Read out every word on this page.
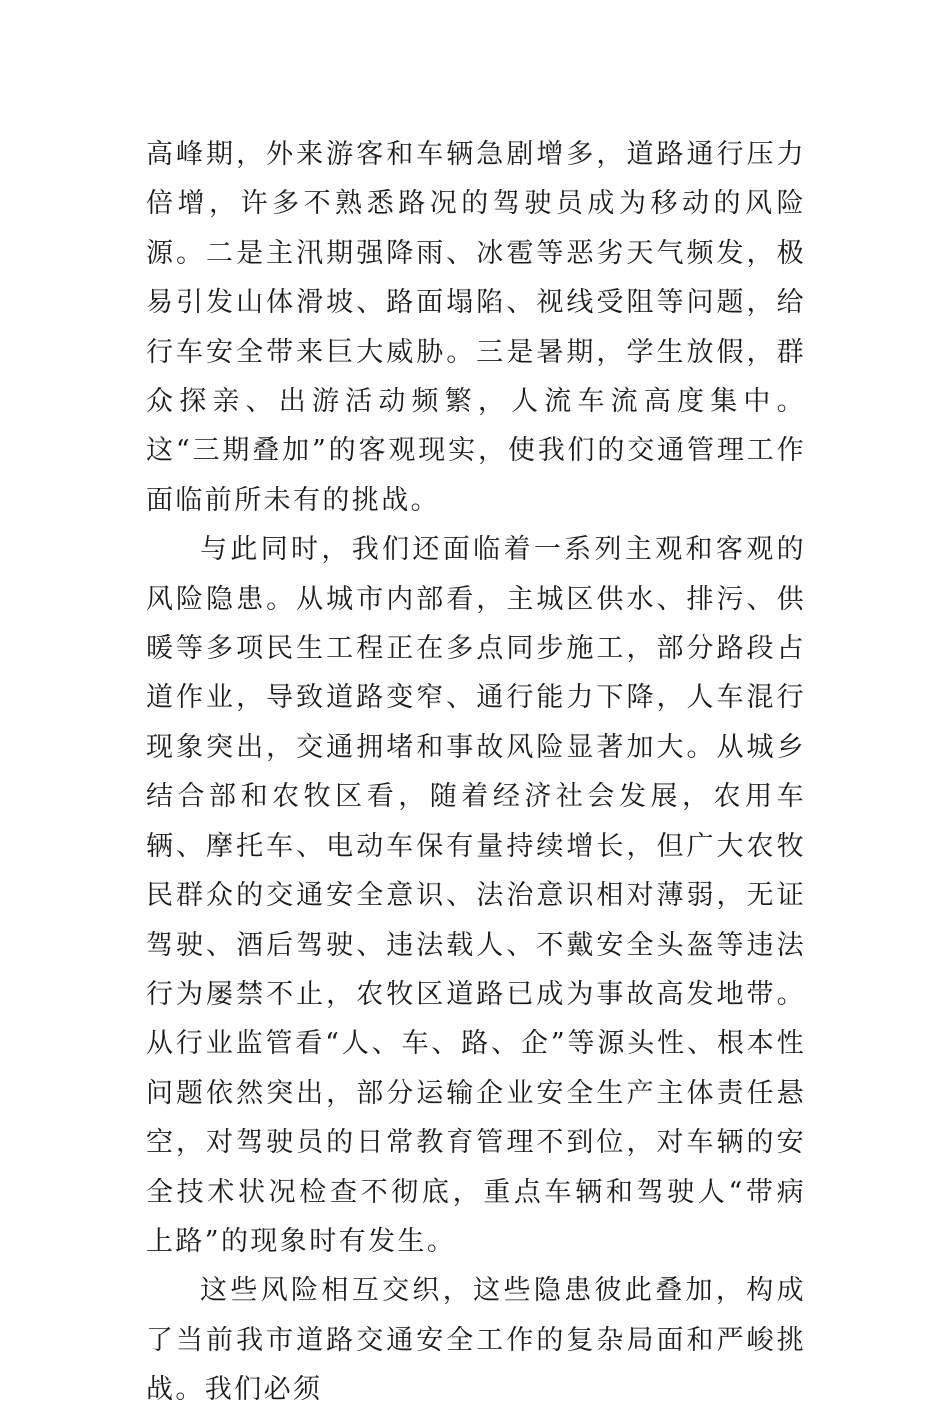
高峰期，外来游客和车辆急剧增多，道路通行压力倍增，许多不熟悉路况的驾驶员成为移动的风险源。二是主汛期强降雨、冰雹等恶劣天气频发，极易引发山体滑坡、路面塌陷、视线受阻等问题，给行车安全带来巨大威胁。三是暑期，学生放假，群众探亲、出游活动频繁，人流车流高度集中。这“三期叠加”的客观现实，使我们的交通管理工作面临前所未有的挑战。

与此同时，我们还面临着一系列主观和客观的风险隐患。从城市内部看，主城区供水、排污、供暖等多项民生工程正在多点同步施工，部分路段占道作业，导致道路变窄、通行能力下降，人车混行现象突出，交通拥堵和事故风险显著加大。从城乡结合部和农牧区看，随着经济社会发展，农用车辆、摩托车、电动车保有量持续增长，但广大农牧民群众的交通安全意识、法治意识相对薄弱，无证驾驶、酒后驾驶、违法载人、不戴安全头盔等违法行为屡禁不止，农牧区道路已成为事故高发地带。从行业监管看“人、车、路、企”等源头性、根本性问题依然突出，部分运输企业安全生产主体责任悬空，对驾驶员的日常教育管理不到位，对车辆的安全技术状况检查不彻底，重点车辆和驾驶人“带病上路”的现象时有发生。

这些风险相互交织，这些隐患彼此叠加，构成了当前我市道路交通安全工作的复杂局面和严峻挑战。我们必须
